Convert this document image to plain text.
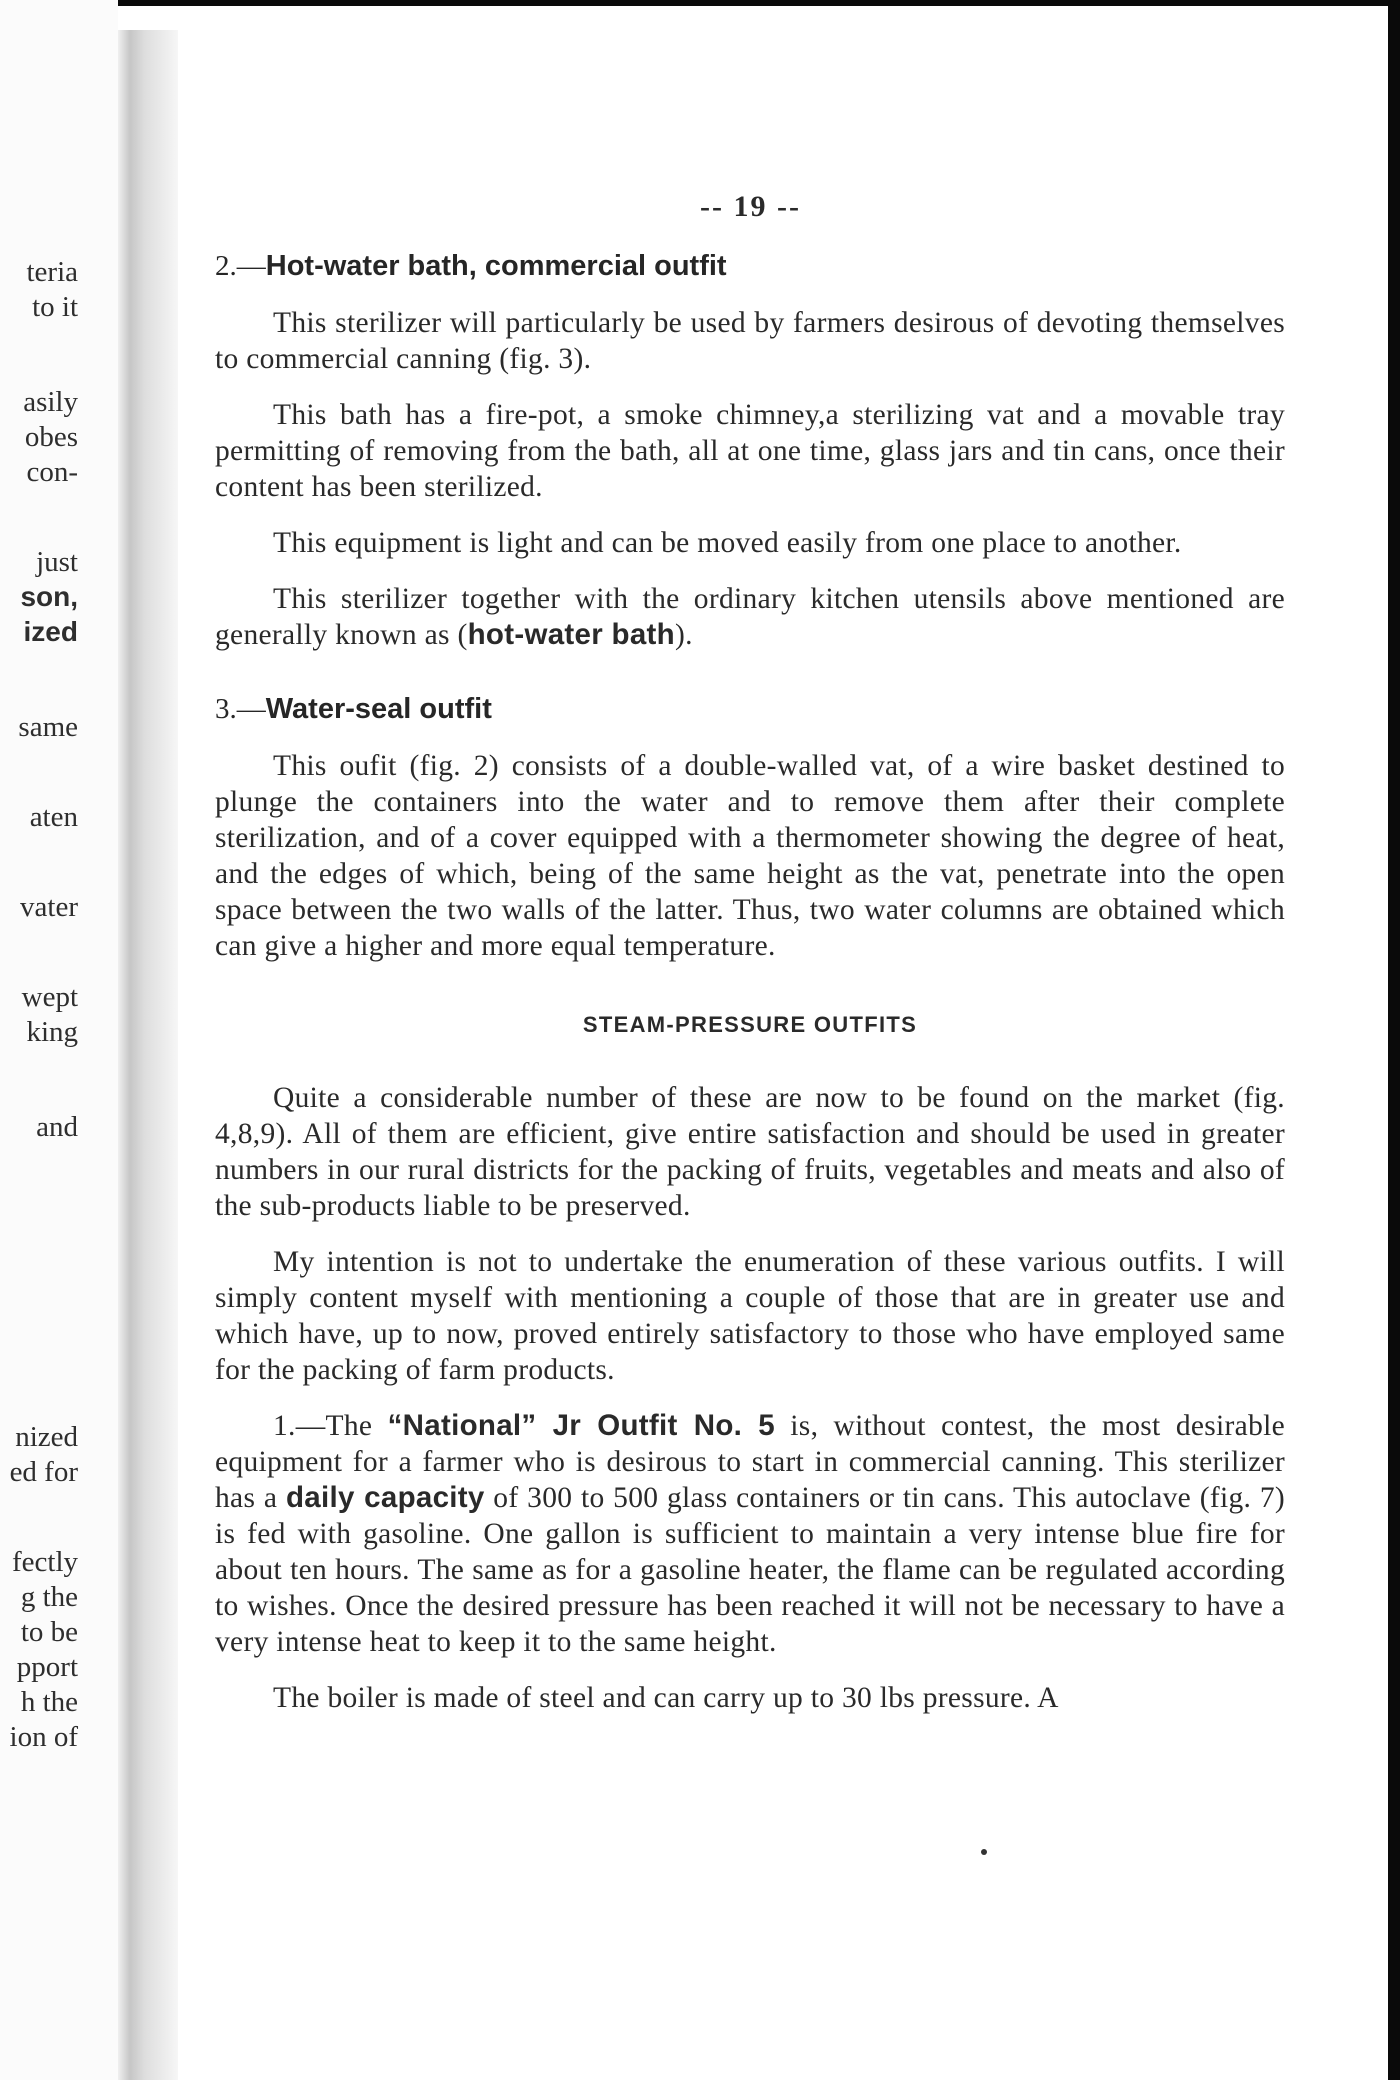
teria

to it

asily

obes

con-

just

son,

ized

same

aten

vater

wept

king

and

nized

ed for

fectly

g the

to be

pport

h the

ion of

-- 19 --
2.—Hot-water bath, commercial outfit

This sterilizer will particularly be used by farmers desirous of devoting themselves to commercial canning (fig. 3).

This bath has a fire-pot, a smoke chimney,a sterilizing vat and a movable tray permitting of removing from the bath, all at one time, glass jars and tin cans, once their content has been sterilized.

This equipment is light and can be moved easily from one place to another.

This sterilizer together with the ordinary kitchen utensils above mentioned are generally known as (hot-water bath).

3.—Water-seal outfit

This oufit (fig. 2) consists of a double-walled vat, of a wire basket destined to plunge the containers into the water and to remove them after their complete sterilization, and of a cover equipped with a thermometer showing the degree of heat, and the edges of which, being of the same height as the vat, penetrate into the open space between the two walls of the latter. Thus, two water columns are obtained which can give a higher and more equal temperature.

STEAM-PRESSURE OUTFITS

Quite a considerable number of these are now to be found on the market (fig. 4,8,9). All of them are efficient, give entire satisfaction and should be used in greater numbers in our rural districts for the packing of fruits, vegetables and meats and also of the sub-products liable to be preserved.

My intention is not to undertake the enumeration of these various outfits. I will simply content myself with mentioning a couple of those that are in greater use and which have, up to now, proved entirely satisfactory to those who have employed same for the packing of farm products.

1.—The “National” Jr Outfit No. 5 is, without contest, the most desirable equipment for a farmer who is desirous to start in commercial canning. This sterilizer has a daily capacity of 300 to 500 glass containers or tin cans. This autoclave (fig. 7) is fed with gasoline. One gallon is sufficient to maintain a very intense blue fire for about ten hours. The same as for a gasoline heater, the flame can be regulated according to wishes. Once the desired pressure has been reached it will not be necessary to have a very intense heat to keep it to the same height.

The boiler is made of steel and can carry up to 30 lbs pressure. A
